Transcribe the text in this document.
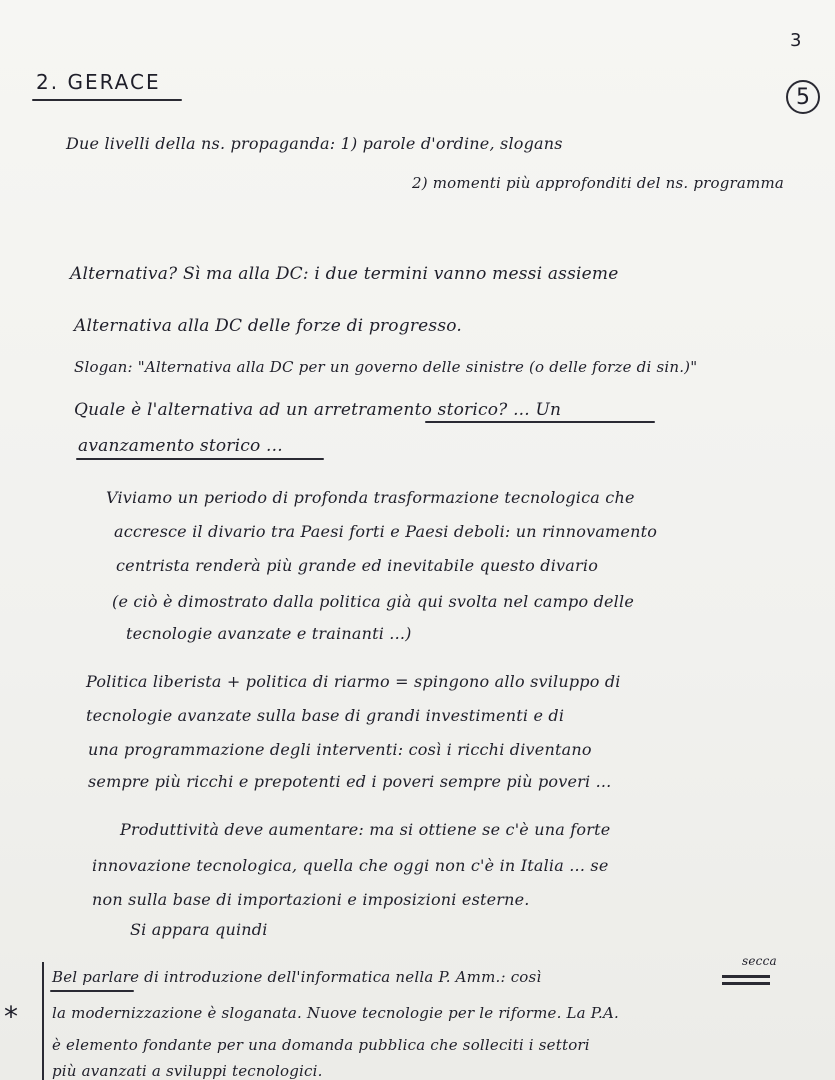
3
5
2. GERACE
Due livelli della ns. propaganda: 1) parole d'ordine, slogans
2) momenti più approfonditi del ns. programma
Alternativa? Sì ma alla DC: i due termini vanno messi assieme
Alternativa alla DC delle forze di progresso.
Slogan: "Alternativa alla DC per un governo delle sinistre (o delle forze di sin.)"
Quale è l'alternativa ad un arretramento storico? ... Un
avanzamento storico ...
Viviamo un periodo di profonda trasformazione tecnologica che
accresce il divario tra Paesi forti e Paesi deboli: un rinnovamento
centrista renderà più grande ed inevitabile questo divario
(e ciò è dimostrato dalla politica già qui svolta nel campo delle
tecnologie avanzate e trainanti ...)
Politica liberista + politica di riarmo = spingono allo sviluppo di
tecnologie avanzate sulla base di grandi investimenti e di
una programmazione degli interventi: così i ricchi diventano
sempre più ricchi e prepotenti ed i poveri sempre più poveri ...
Produttività deve aumentare: ma si ottiene se c'è una forte
innovazione tecnologica, quella che oggi non c'è in Italia ... se
non sulla base di importazioni e imposizioni esterne.
Si appara quindi
*
secca
Bel parlare di introduzione dell'informatica nella P. Amm.: così
la modernizzazione è sloganata. Nuove tecnologie per le riforme. La P.A.
è elemento fondante per una domanda pubblica che solleciti i settori
più avanzati a sviluppi tecnologici.
